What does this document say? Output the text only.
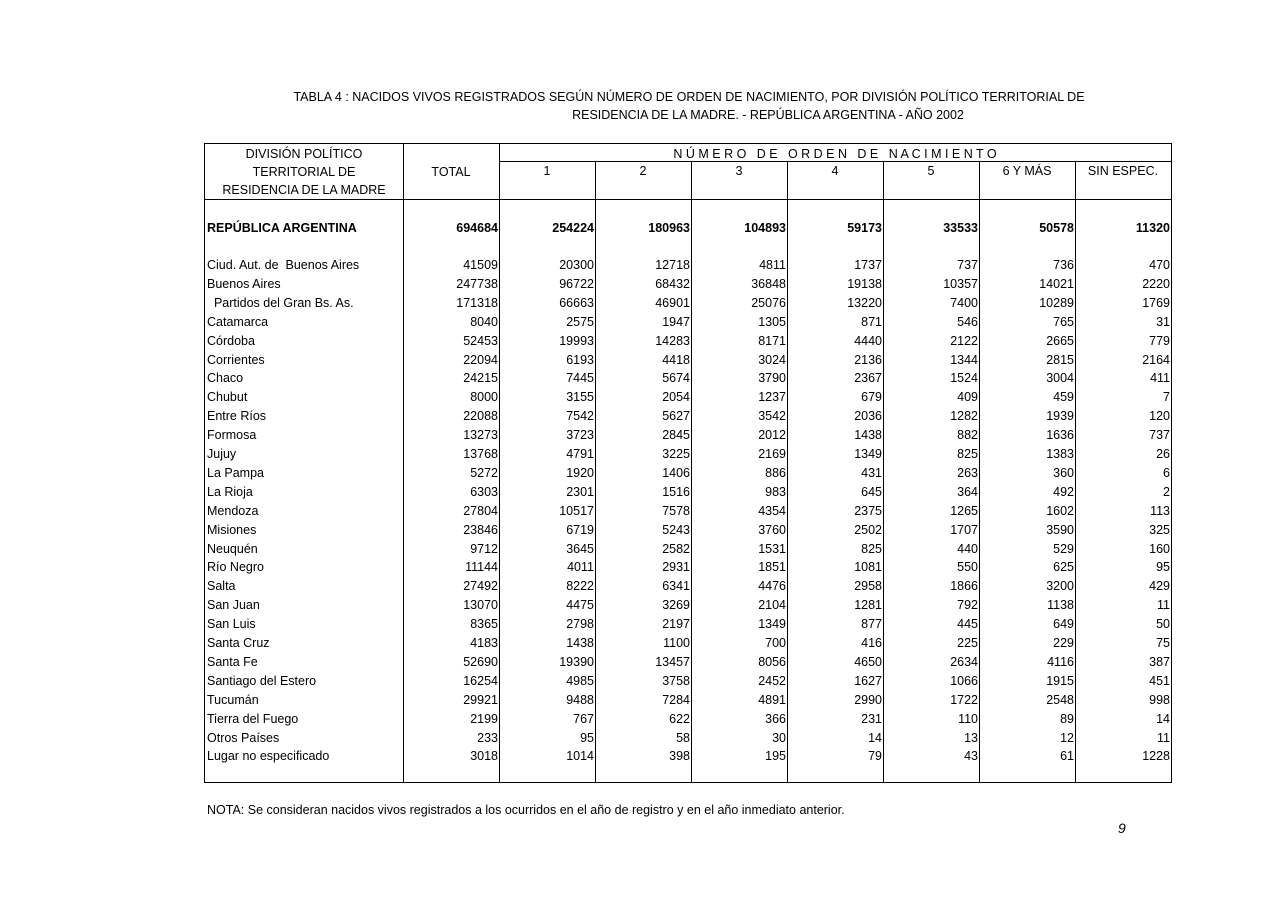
TABLA 4 : NACIDOS VIVOS REGISTRADOS SEGÚN NÚMERO DE ORDEN DE NACIMIENTO, POR DIVISIÓN POLÍTICO TERRITORIAL DE
RESIDENCIA DE LA MADRE. - REPÚBLICA ARGENTINA - AÑO 2002
DIVISIÓN POLÍTICO
TERRITORIAL DE
RESIDENCIA DE LA MADRE
TOTAL
N Ú M E R O   D E   O R D E N   D E   N A C I M I E N T O
1	2	3	4	5	6 Y MÁS	SIN ESPEC.
REPÚBLICA ARGENTINA	694684	254224	180963	104893	59173	33533	50578	11320
Ciud. Aut. de  Buenos Aires	41509	20300	12718	4811	1737	737	736	470
Buenos Aires	247738	96722	68432	36848	19138	10357	14021	2220
Partidos del Gran Bs. As.	171318	66663	46901	25076	13220	7400	10289	1769
Catamarca	8040	2575	1947	1305	871	546	765	31
Córdoba	52453	19993	14283	8171	4440	2122	2665	779
Corrientes	22094	6193	4418	3024	2136	1344	2815	2164
Chaco	24215	7445	5674	3790	2367	1524	3004	411
Chubut	8000	3155	2054	1237	679	409	459	7
Entre Ríos	22088	7542	5627	3542	2036	1282	1939	120
Formosa	13273	3723	2845	2012	1438	882	1636	737
Jujuy	13768	4791	3225	2169	1349	825	1383	26
La Pampa	5272	1920	1406	886	431	263	360	6
La Rioja	6303	2301	1516	983	645	364	492	2
Mendoza	27804	10517	7578	4354	2375	1265	1602	113
Misiones	23846	6719	5243	3760	2502	1707	3590	325
Neuquén	9712	3645	2582	1531	825	440	529	160
Río Negro	11144	4011	2931	1851	1081	550	625	95
Salta	27492	8222	6341	4476	2958	1866	3200	429
San Juan	13070	4475	3269	2104	1281	792	1138	11
San Luis	8365	2798	2197	1349	877	445	649	50
Santa Cruz	4183	1438	1100	700	416	225	229	75
Santa Fe	52690	19390	13457	8056	4650	2634	4116	387
Santiago del Estero	16254	4985	3758	2452	1627	1066	1915	451
Tucumán	29921	9488	7284	4891	2990	1722	2548	998
Tierra del Fuego	2199	767	622	366	231	110	89	14
Otros Países	233	95	58	30	14	13	12	11
Lugar no especificado	3018	1014	398	195	79	43	61	1228
NOTA: Se consideran nacidos vivos registrados a los ocurridos en el año de registro y en el año inmediato anterior.
9
